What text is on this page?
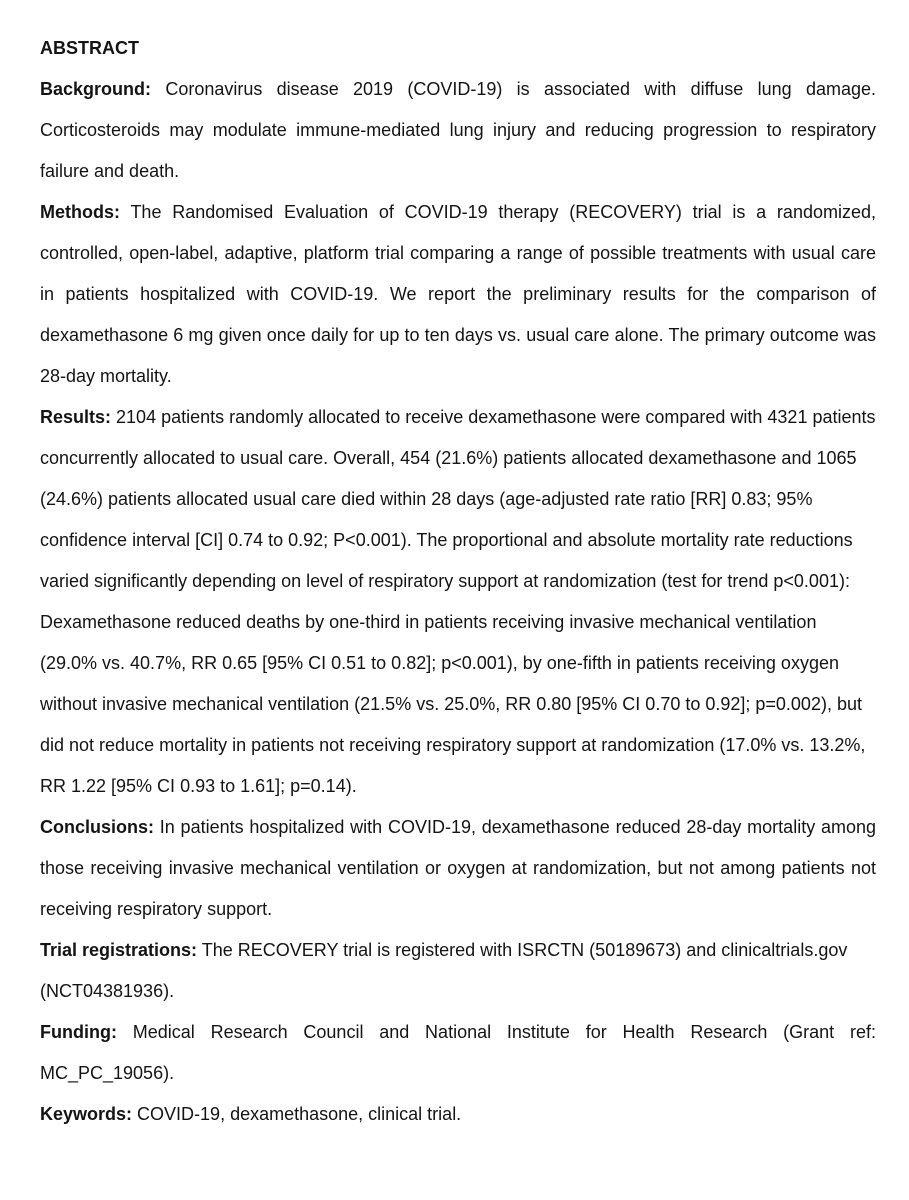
ABSTRACT

Background: Coronavirus disease 2019 (COVID-19) is associated with diffuse lung damage. Corticosteroids may modulate immune-mediated lung injury and reducing progression to respiratory failure and death.

Methods: The Randomised Evaluation of COVID-19 therapy (RECOVERY) trial is a randomized, controlled, open-label, adaptive, platform trial comparing a range of possible treatments with usual care in patients hospitalized with COVID-19. We report the preliminary results for the comparison of dexamethasone 6 mg given once daily for up to ten days vs. usual care alone. The primary outcome was 28-day mortality.

Results: 2104 patients randomly allocated to receive dexamethasone were compared with 4321 patients concurrently allocated to usual care. Overall, 454 (21.6%) patients allocated dexamethasone and 1065 (24.6%) patients allocated usual care died within 28 days (age-adjusted rate ratio [RR] 0.83; 95% confidence interval [CI] 0.74 to 0.92; P<0.001). The proportional and absolute mortality rate reductions varied significantly depending on level of respiratory support at randomization (test for trend p<0.001): Dexamethasone reduced deaths by one-third in patients receiving invasive mechanical ventilation (29.0% vs. 40.7%, RR 0.65 [95% CI 0.51 to 0.82]; p<0.001), by one-fifth in patients receiving oxygen without invasive mechanical ventilation (21.5% vs. 25.0%, RR 0.80 [95% CI 0.70 to 0.92]; p=0.002), but did not reduce mortality in patients not receiving respiratory support at randomization (17.0% vs. 13.2%, RR 1.22 [95% CI 0.93 to 1.61]; p=0.14).

Conclusions: In patients hospitalized with COVID-19, dexamethasone reduced 28-day mortality among those receiving invasive mechanical ventilation or oxygen at randomization, but not among patients not receiving respiratory support.

Trial registrations: The RECOVERY trial is registered with ISRCTN (50189673) and clinicaltrials.gov (NCT04381936).

Funding: Medical Research Council and National Institute for Health Research (Grant ref: MC_PC_19056).

Keywords: COVID-19, dexamethasone, clinical trial.
